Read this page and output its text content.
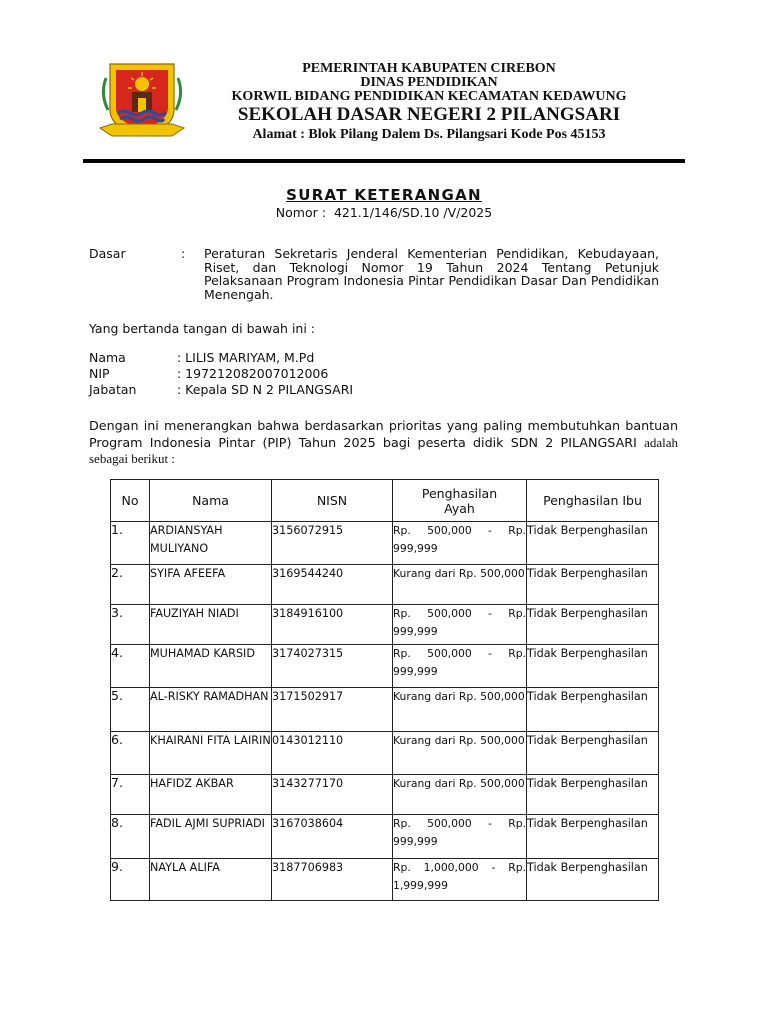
PEMERINTAH KABUPATEN CIREBON
DINAS PENDIDIKAN
KORWIL BIDANG PENDIDIKAN KECAMATAN KEDAWUNG
SEKOLAH DASAR NEGERI 2 PILANGSARI
Alamat : Blok Pilang Dalem Ds. Pilangsari Kode Pos 45153
SURAT KETERANGAN
Nomor : 421.1/146/SD.10 /V/2025
Dasar	: Peraturan Sekretaris Jenderal Kementerian Pendidikan, Kebudayaan, Riset, dan Teknologi Nomor 19 Tahun 2024 Tentang Petunjuk Pelaksanaan Program Indonesia Pintar Pendidikan Dasar Dan Pendidikan Menengah.
Yang bertanda tangan di bawah ini :
Nama	: LILIS MARIYAM, M.Pd
NIP	: 197212082007012006
Jabatan	: Kepala SD N 2 PILANGSARI
Dengan ini menerangkan bahwa berdasarkan prioritas yang paling membutuhkan bantuan Program Indonesia Pintar (PIP) Tahun 2025 bagi peserta didik SDN 2 PILANGSARI adalah sebagai berikut :
No	Nama	NISN	Penghasilan Ayah	Penghasilan Ibu
1.	ARDIANSYAH MULIYANO	3156072915	Rp. 500,000 - Rp. 999,999	Tidak Berpenghasilan
2.	SYIFA AFEEFA	3169544240	Kurang dari Rp. 500,000	Tidak Berpenghasilan
3.	FAUZIYAH NIADI	3184916100	Rp. 500,000 - Rp. 999,999	Tidak Berpenghasilan
4.	MUHAMAD KARSID	3174027315	Rp. 500,000 - Rp. 999,999	Tidak Berpenghasilan
5.	AL-RISKY RAMADHAN	3171502917	Kurang dari Rp. 500,000	Tidak Berpenghasilan
6.	KHAIRANI FITA LAIRIN	0143012110	Kurang dari Rp. 500,000	Tidak Berpenghasilan
7.	HAFIDZ AKBAR	3143277170	Kurang dari Rp. 500,000	Tidak Berpenghasilan
8.	FADIL AJMI SUPRIADI	3167038604	Rp. 500,000 - Rp. 999,999	Tidak Berpenghasilan
9.	NAYLA ALIFA	3187706983	Rp. 1,000,000 - Rp. 1,999,999	Tidak Berpenghasilan
